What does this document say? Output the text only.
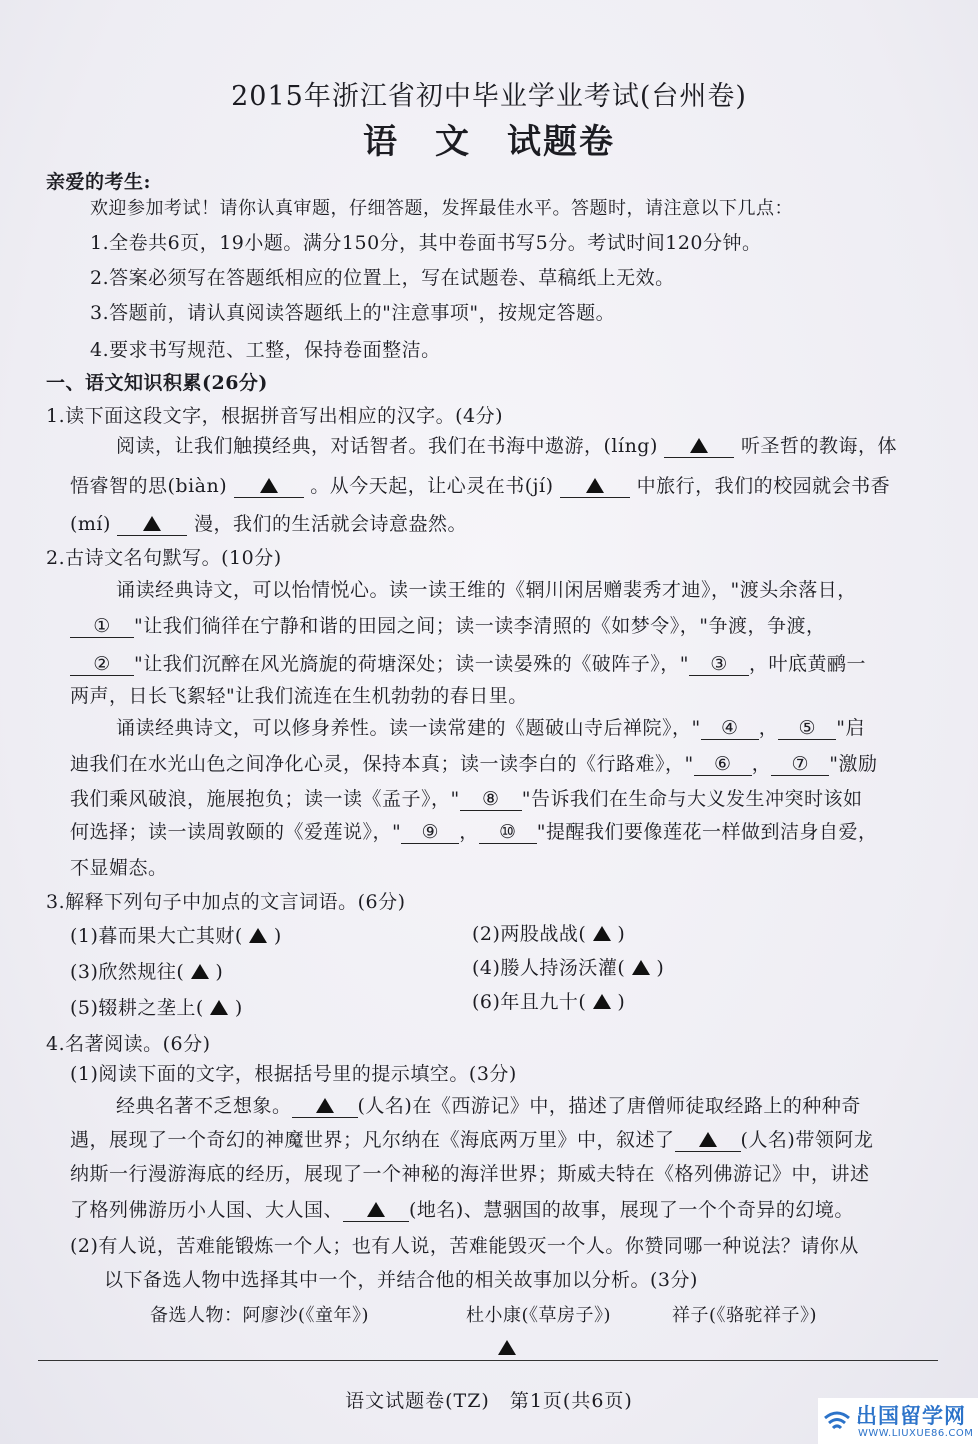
2015年浙江省初中毕业学业考试(台州卷)
语　文　试题卷
亲爱的考生:
欢迎参加考试！请你认真审题，仔细答题，发挥最佳水平。答题时，请注意以下几点：
1.全卷共6页，19小题。满分150分，其中卷面书写5分。考试时间120分钟。
2.答案必须写在答题纸相应的位置上，写在试题卷、草稿纸上无效。
3.答题前，请认真阅读答题纸上的"注意事项"，按规定答题。
4.要求书写规范、工整，保持卷面整洁。
一、语文知识积累(26分)
1.读下面这段文字，根据拼音写出相应的汉字。(4分)
阅读，让我们触摸经典，对话智者。我们在书海中遨游，(líng)	听圣哲的教诲，体
悟睿智的思(biàn)	。从今天起，让心灵在书(jí)	中旅行，我们的校园就会书香
(mí)	漫，我们的生活就会诗意盎然。
2.古诗文名句默写。(10分)
诵读经典诗文，可以怡情悦心。读一读王维的《辋川闲居赠裴秀才迪》，"渡头余落日，
① "让我们徜徉在宁静和谐的田园之间；读一读李清照的《如梦令》，"争渡，争渡，
② "让我们沉醉在风光旖旎的荷塘深处；读一读晏殊的《破阵子》，" ③ ，叶底黄鹂一
两声，日长飞絮轻"让我们流连在生机勃勃的春日里。
诵读经典诗文，可以修身养性。读一读常建的《题破山寺后禅院》，" ④ ， ⑤ "启
迪我们在水光山色之间净化心灵，保持本真；读一读李白的《行路难》，" ⑥ ， ⑦ "激励
我们乘风破浪，施展抱负；读一读《孟子》，" ⑧ "告诉我们在生命与大义发生冲突时该如
何选择；读一读周敦颐的《爱莲说》，" ⑨ ， ⑩ "提醒我们要像莲花一样做到洁身自爱，
不显媚态。
3.解释下列句子中加点的文言词语。(6分)
(1)暮而果大亡其财( )	(2)两股战战( )
(3)欣然规往( )	(4)媵人持汤沃灌( )
(5)辍耕之垄上( )	(6)年且九十( )
4.名著阅读。(6分)
(1)阅读下面的文字，根据括号里的提示填空。(3分)
经典名著不乏想象。	(人名)在《西游记》中，描述了唐僧师徒取经路上的种种奇
遇，展现了一个奇幻的神魔世界；凡尔纳在《海底两万里》中，叙述了	(人名)带领阿龙
纳斯一行漫游海底的经历，展现了一个神秘的海洋世界；斯威夫特在《格列佛游记》中，讲述
了格列佛游历小人国、大人国、	(地名)、慧骃国的故事，展现了一个个奇异的幻境。
(2)有人说，苦难能锻炼一个人；也有人说，苦难能毁灭一个人。你赞同哪一种说法？请你从
以下备选人物中选择其中一个，并结合他的相关故事加以分析。(3分)
备选人物：阿廖沙(《童年》)	杜小康(《草房子》)	祥子(《骆驼祥子》)
语文试题卷(TZ)　第1页(共6页)
出国留学网
WWW.LIUXUE86.COM
